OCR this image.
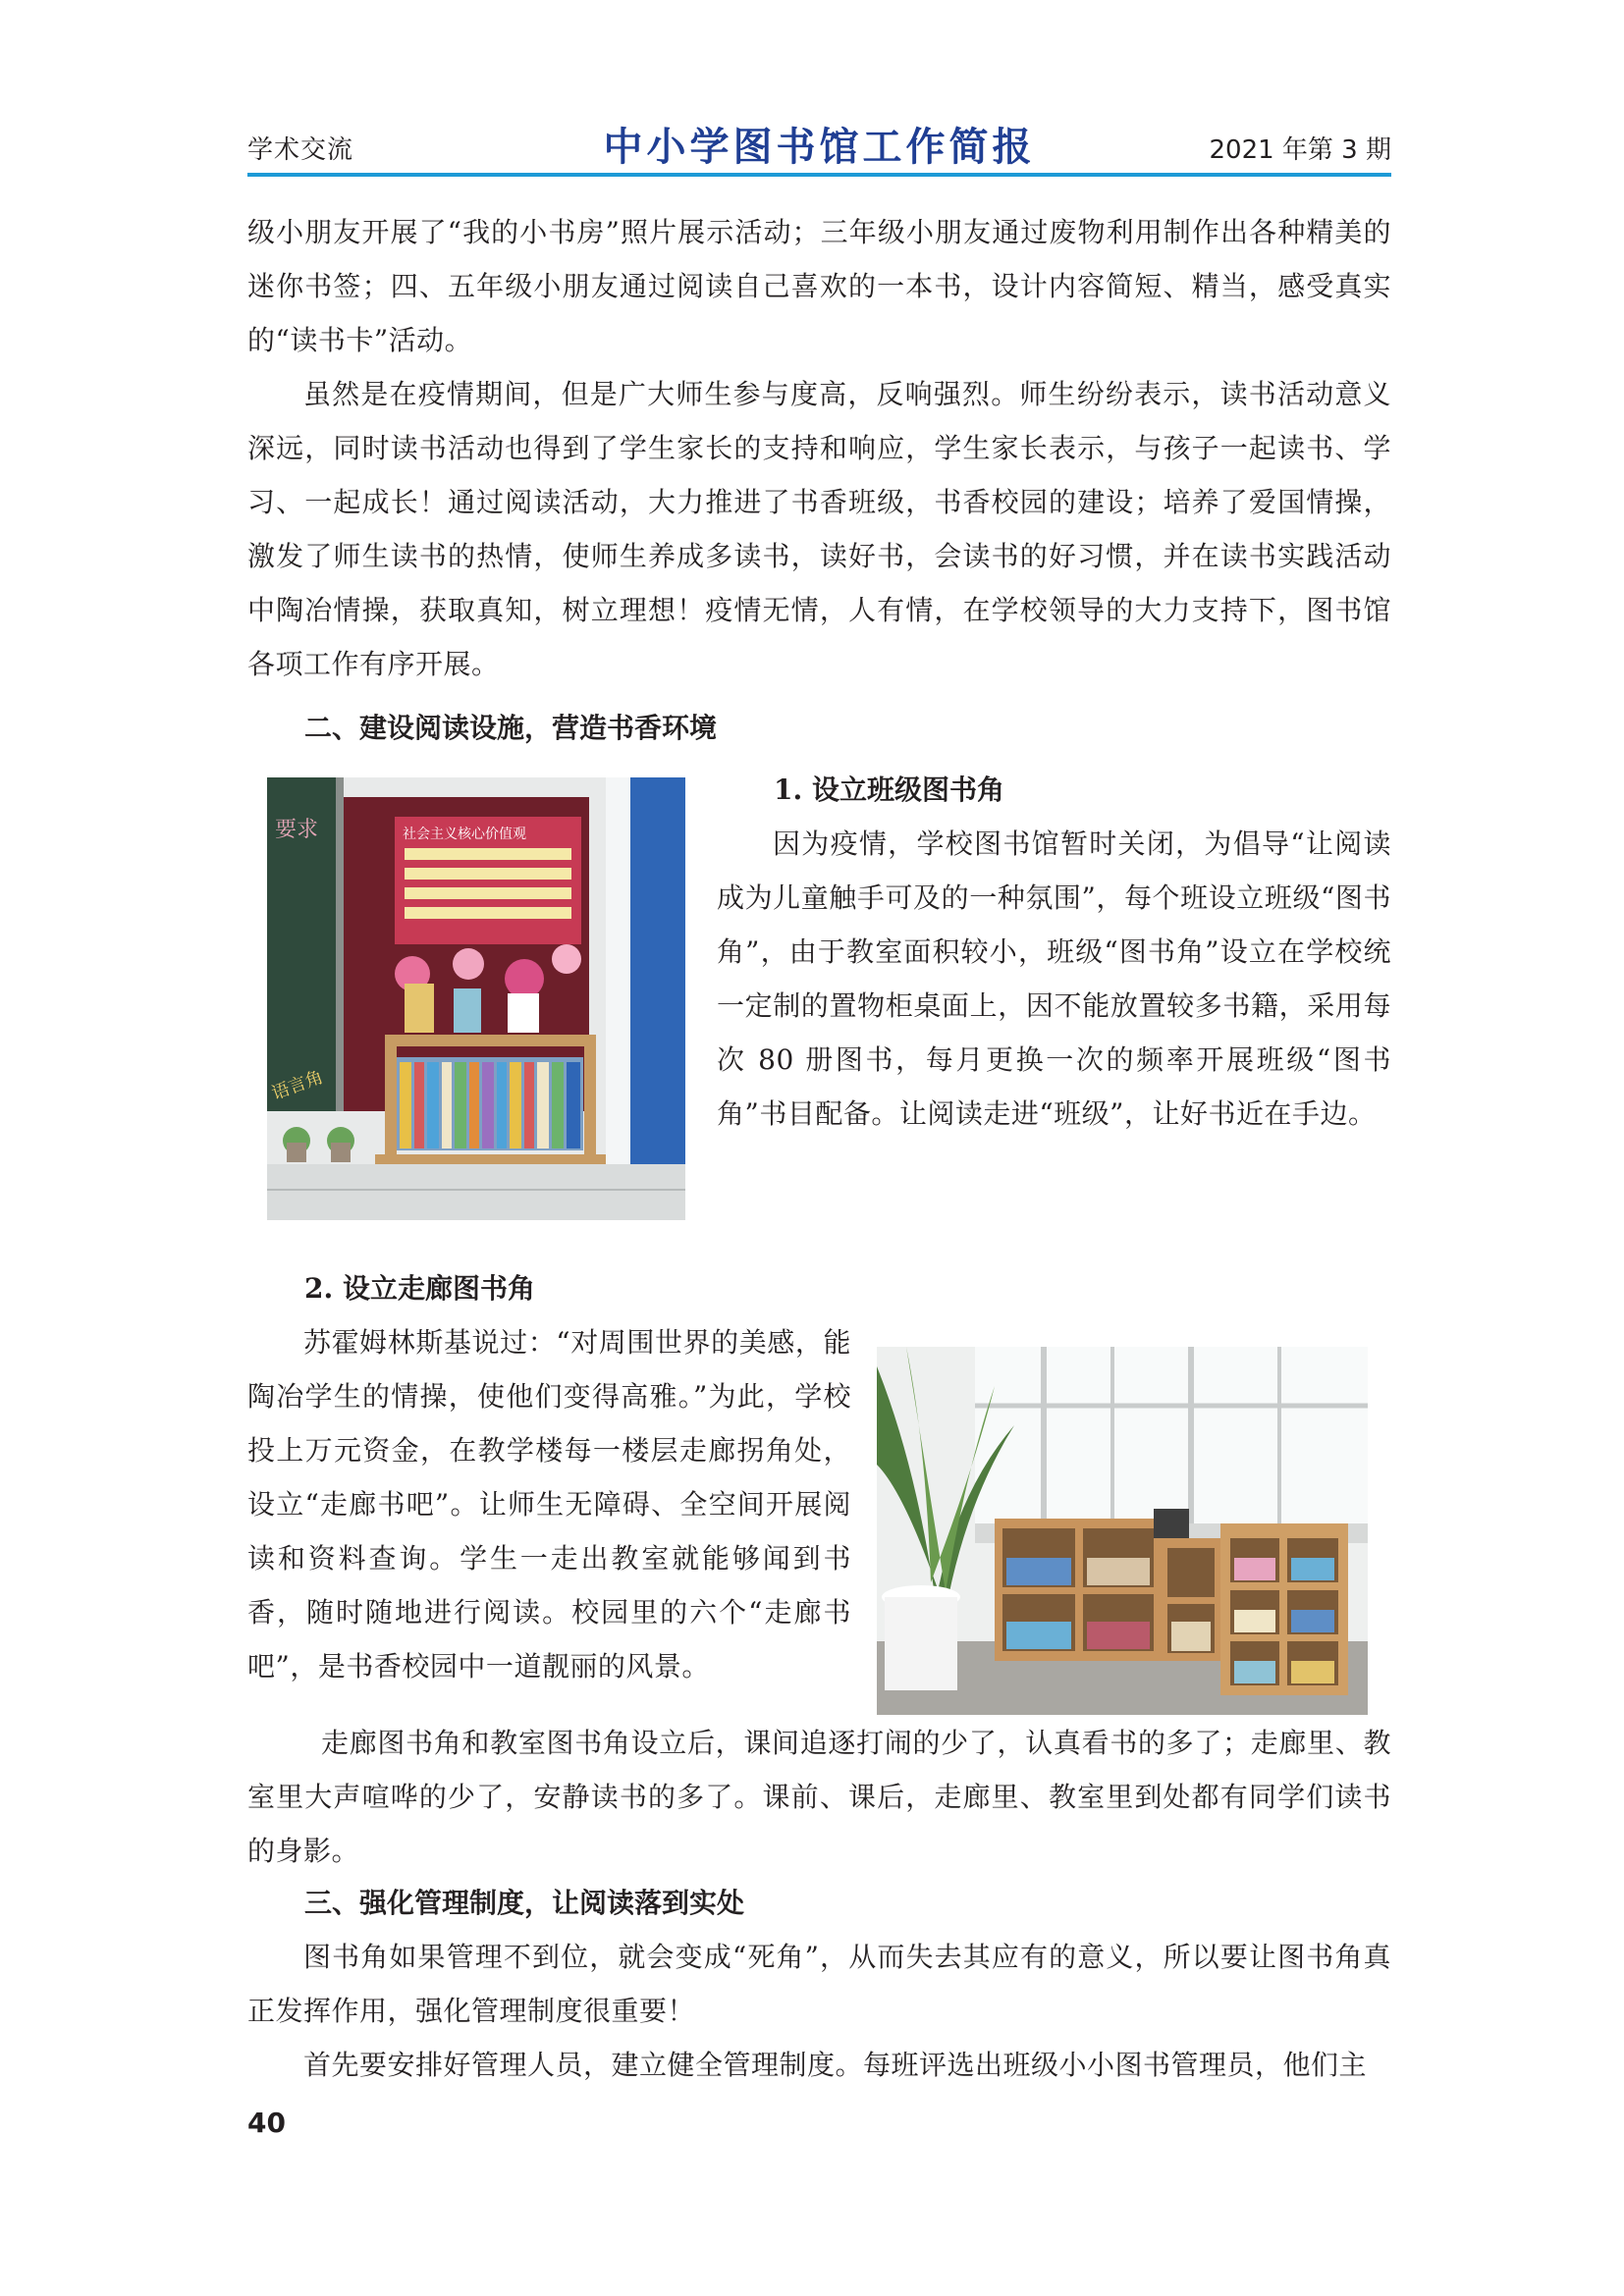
学术交流	中小学图书馆工作简报	2021 年第 3 期

级小朋友开展了“我的小书房”照片展示活动；三年级小朋友通过废物利用制作出各种精美的迷你书签；四、五年级小朋友通过阅读自己喜欢的一本书，设计内容简短、精当，感受真实的“读书卡”活动。

虽然是在疫情期间，但是广大师生参与度高，反响强烈。师生纷纷表示，读书活动意义深远，同时读书活动也得到了学生家长的支持和响应，学生家长表示，与孩子一起读书、学习、一起成长！通过阅读活动，大力推进了书香班级，书香校园的建设；培养了爱国情操，激发了师生读书的热情，使师生养成多读书，读好书，会读书的好习惯，并在读书实践活动中陶冶情操，获取真知，树立理想！疫情无情，人有情，在学校领导的大力支持下，图书馆各项工作有序开展。

二、建设阅读设施，营造书香环境

要求
语言角
社会主义核心价值观

1. 设立班级图书角

因为疫情，学校图书馆暂时关闭，为倡导“让阅读成为儿童触手可及的一种氛围”，每个班设立班级“图书角”，由于教室面积较小，班级“图书角”设立在学校统一定制的置物柜桌面上，因不能放置较多书籍，采用每次 80 册图书，每月更换一次的频率开展班级“图书角”书目配备。让阅读走进“班级”，让好书近在手边。

2. 设立走廊图书角

苏霍姆林斯基说过：“对周围世界的美感，能陶冶学生的情操，使他们变得高雅。”为此，学校投上万元资金，在教学楼每一楼层走廊拐角处，设立“走廊书吧”。让师生无障碍、全空间开展阅读和资料查询。学生一走出教室就能够闻到书香，随时随地进行阅读。校园里的六个“走廊书吧”，是书香校园中一道靓丽的风景。

走廊图书角和教室图书角设立后，课间追逐打闹的少了，认真看书的多了；走廊里、教室里大声喧哗的少了，安静读书的多了。课前、课后，走廊里、教室里到处都有同学们读书的身影。

三、强化管理制度，让阅读落到实处

图书角如果管理不到位，就会变成“死角”，从而失去其应有的意义，所以要让图书角真正发挥作用，强化管理制度很重要！

首先要安排好管理人员，建立健全管理制度。每班评选出班级小小图书管理员，他们主

40
